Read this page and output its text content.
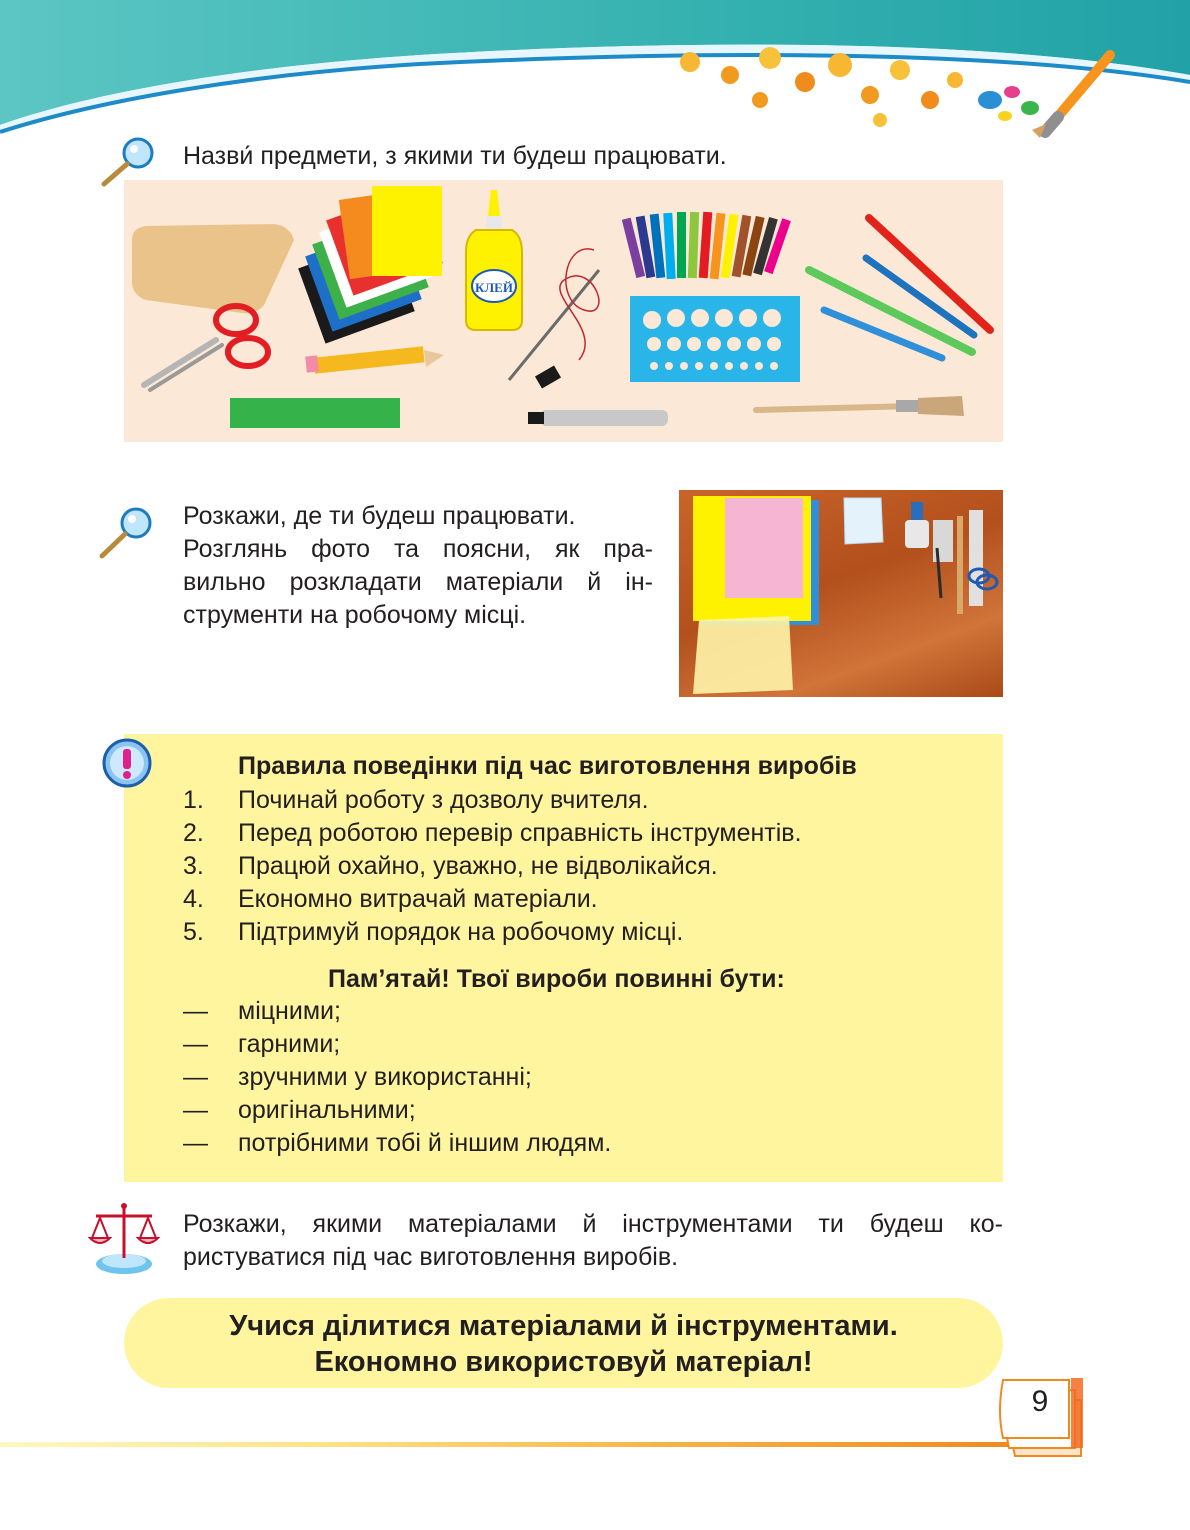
Назви́ предмети, з якими ти будеш працювати.
КЛЕЙ
Розкажи, де ти будеш працювати.
Розглянь фото та поясни, як пра-
вильно розкладати матеріали й ін-
струменти на робочому місці.
Правила поведінки під час виготовлення виробів
1. Починай роботу з дозволу вчителя.
2. Перед роботою перевір справність інструментів.
3. Працюй охайно, уважно, не відволікайся.
4. Економно витрачай матеріали.
5. Підтримуй порядок на робочому місці.
Пам’ятай! Твої вироби повинні бути:
— міцними;
— гарними;
— зручними у використанні;
— оригінальними;
— потрібними тобі й іншим людям.
Розкажи, якими матеріалами й інструментами ти будеш ко-
ристуватися під час виготовлення виробів.
Учися ділитися матеріалами й інструментами.
Економно використовуй матеріал!
9
